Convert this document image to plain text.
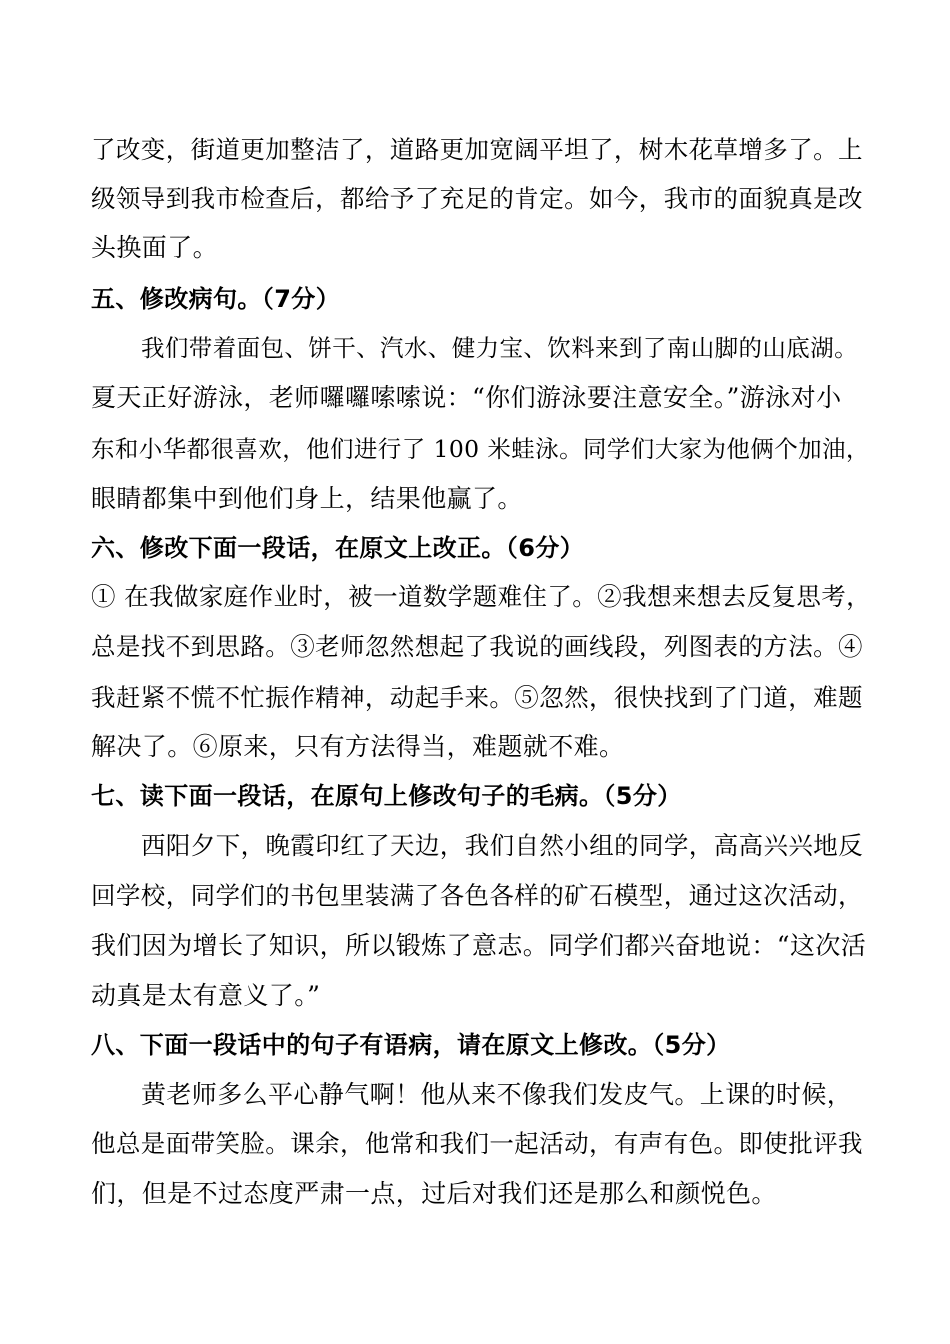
了改变，街道更加整洁了，道路更加宽阔平坦了，树木花草增多了。上
级领导到我市检查后，都给予了充足的肯定。如今，我市的面貌真是改
头换面了。
五、修改病句。（7分）
我们带着面包、饼干、汽水、健力宝、饮料来到了南山脚的山底湖。
夏天正好游泳，老师囉囉嗦嗦说：“你们游泳要注意安全。”游泳对小
东和小华都很喜欢，他们进行了 100 米蛙泳。同学们大家为他俩个加油，
眼睛都集中到他们身上，结果他赢了。
六、修改下面一段话，在原文上改正。（6分）
① 在我做家庭作业时，被一道数学题难住了。②我想来想去反复思考，
总是找不到思路。③老师忽然想起了我说的画线段，列图表的方法。④
我赶紧不慌不忙振作精神，动起手来。⑤忽然，很快找到了门道，难题
解决了。⑥原来，只有方法得当，难题就不难。
七、读下面一段话，在原句上修改句子的毛病。（5分）
西阳夕下，晚霞印红了天边，我们自然小组的同学，高高兴兴地反
回学校，同学们的书包里装满了各色各样的矿石模型，通过这次活动，
我们因为增长了知识，所以锻炼了意志。同学们都兴奋地说：“这次活
动真是太有意义了。”
八、下面一段话中的句子有语病，请在原文上修改。（5分）
黄老师多么平心静气啊！他从来不像我们发皮气。上课的时候，
他总是面带笑脸。课余，他常和我们一起活动，有声有色。即使批评我
们，但是不过态度严肃一点，过后对我们还是那么和颜悦色。
